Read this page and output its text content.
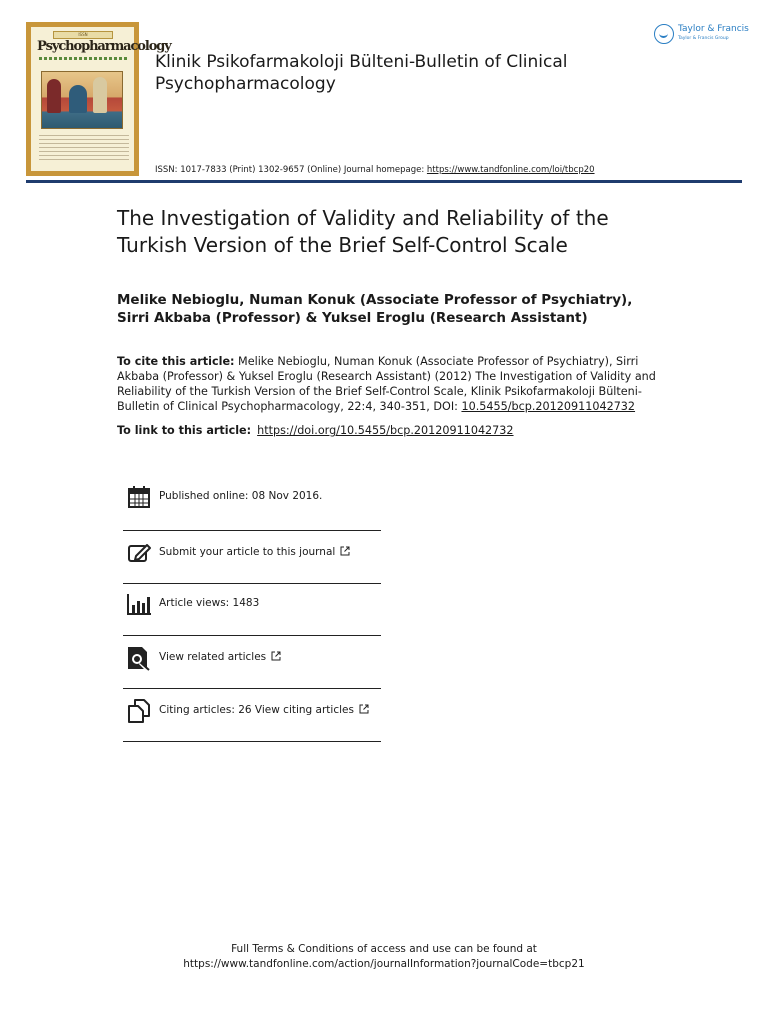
ISSN
Psychopharmacology
Klinik Psikofarmakoloji Bülteni-Bulletin of Clinical Psychopharmacology
Taylor & Francis
Taylor & Francis Group
ISSN: 1017-7833 (Print) 1302-9657 (Online) Journal homepage: https://www.tandfonline.com/loi/tbcp20
The Investigation of Validity and Reliability of the Turkish Version of the Brief Self-Control Scale
Melike Nebioglu, Numan Konuk (Associate Professor of Psychiatry), Sirri Akbaba (Professor) & Yuksel Eroglu (Research Assistant)
To cite this article: Melike Nebioglu, Numan Konuk (Associate Professor of Psychiatry), Sirri Akbaba (Professor) & Yuksel Eroglu (Research Assistant) (2012) The Investigation of Validity and Reliability of the Turkish Version of the Brief Self-Control Scale, Klinik Psikofarmakoloji Bülteni-Bulletin of Clinical Psychopharmacology, 22:4, 340-351, DOI: 10.5455/bcp.20120911042732
To link to this article: https://doi.org/10.5455/bcp.20120911042732
Published online: 08 Nov 2016.
Submit your article to this journal
Article views: 1483
View related articles
Citing articles: 26 View citing articles
Full Terms & Conditions of access and use can be found at
https://www.tandfonline.com/action/journalInformation?journalCode=tbcp21
